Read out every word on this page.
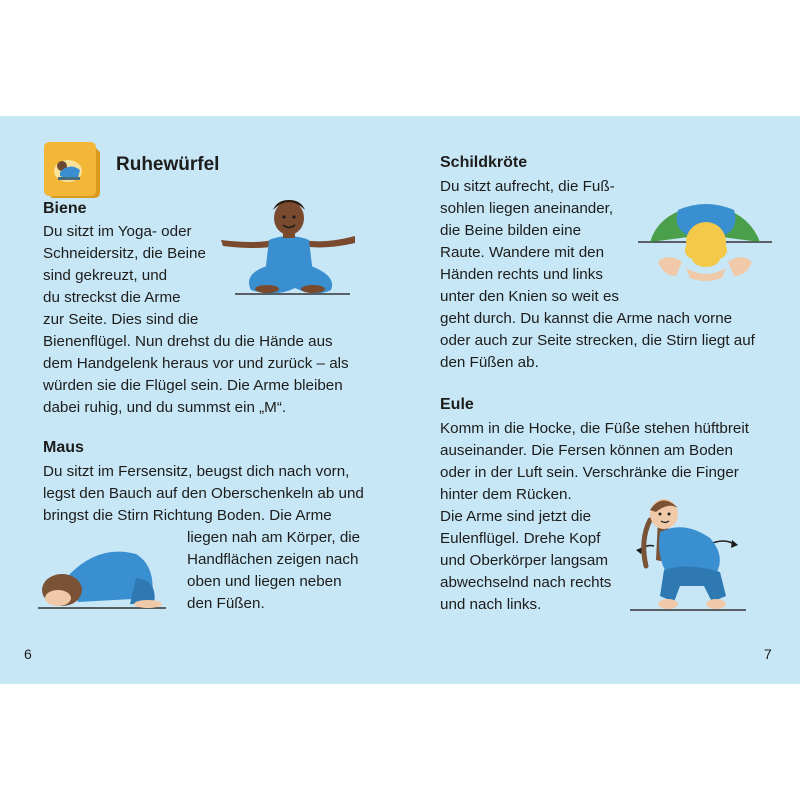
Ruhewürfel
Biene

Du sitzt im Yoga- oder

Schneidersitz, die Beine

sind gekreuzt, und

du streckst die Arme

zur Seite. Dies sind die

Bienenflügel. Nun drehst du die Hände aus

dem Handgelenk heraus vor und zurück – als

würden sie die Flügel sein. Die Arme bleiben

dabei ruhig, und du summst ein „M“.

Maus

Du sitzt im Fersensitz, beugst dich nach vorn,

legst den Bauch auf den Oberschenkeln ab und

bringst die Stirn Richtung Boden. Die Arme

liegen nah am Körper, die

Handflächen zeigen nach

oben und liegen neben

den Füßen.

Schildkröte

Du sitzt aufrecht, die Fuß-

sohlen liegen aneinander,

die Beine bilden eine

Raute. Wandere mit den

Händen rechts und links

unter den Knien so weit es

geht durch. Du kannst die Arme nach vorne

oder auch zur Seite strecken, die Stirn liegt auf

den Füßen ab.

Eule

Komm in die Hocke, die Füße stehen hüftbreit

auseinander. Die Fersen können am Boden

oder in der Luft sein. Verschränke die Finger

hinter dem Rücken.

Die Arme sind jetzt die

Eulenflügel. Drehe Kopf

und Oberkörper langsam

abwechselnd nach rechts

und nach links.

6	7
